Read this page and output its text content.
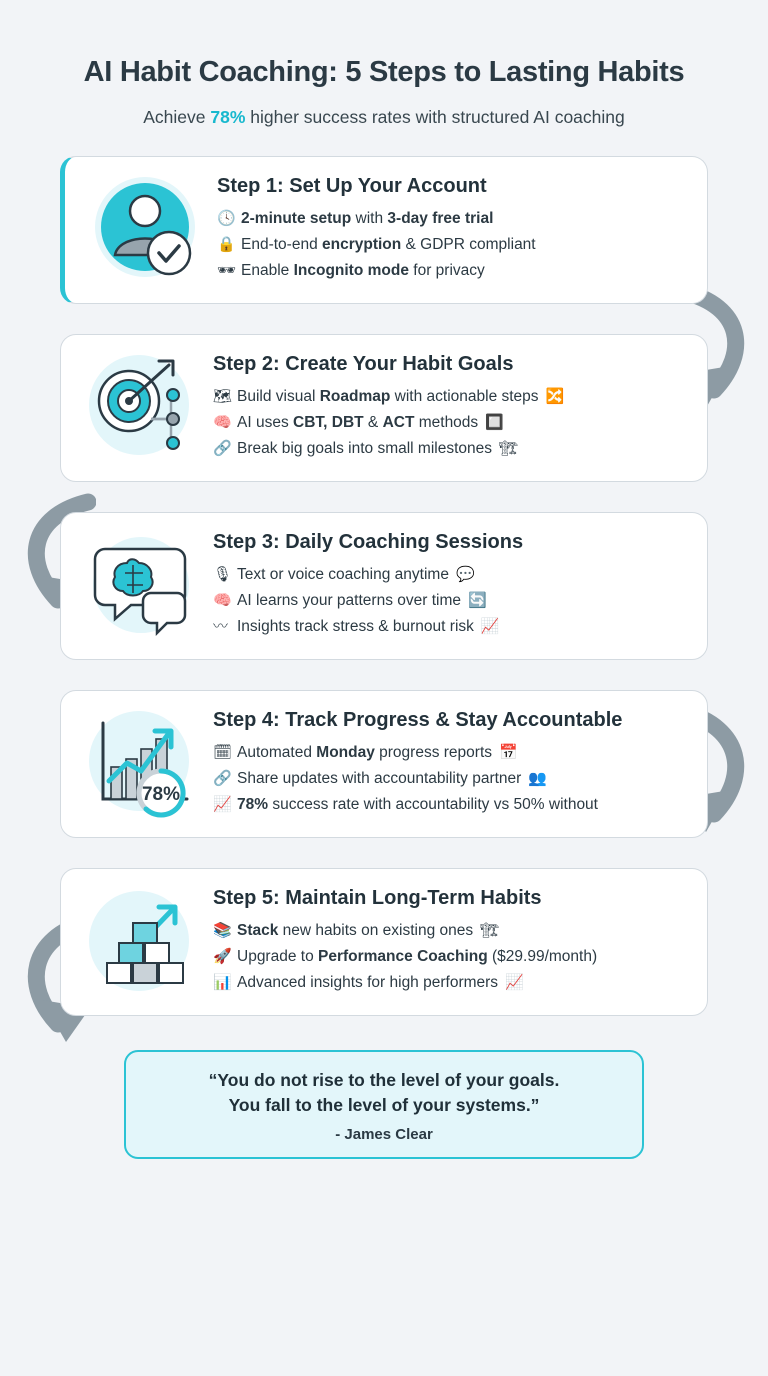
AI Habit Coaching: 5 Steps to Lasting Habits
Achieve 78% higher success rates with structured AI coaching
Step 1: Set Up Your Account
🕓 2-minute setup with 3-day free trial
🔒 End-to-end encryption & GDPR compliant
🕶 Enable Incognito mode for privacy
Step 2: Create Your Habit Goals
🗺 Build visual Roadmap with actionable steps 🔀
🧠 AI uses CBT, DBT & ACT methods 🔲
🔗 Break big goals into small milestones 🏗
Step 3: Daily Coaching Sessions
🎙 Text or voice coaching anytime 💬
🧠 AI learns your patterns over time 🔄
〰 Insights track stress & burnout risk 📈
78%
Step 4: Track Progress & Stay Accountable
🗓 Automated Monday progress reports 📅
🔗 Share updates with accountability partner 👥
📈 78% success rate with accountability vs 50% without
Step 5: Maintain Long-Term Habits
📚 Stack new habits on existing ones 🏗
🚀 Upgrade to Performance Coaching ($29.99/month)
📊 Advanced insights for high performers 📈
“You do not rise to the level of your goals.
You fall to the level of your systems.”
- James Clear
